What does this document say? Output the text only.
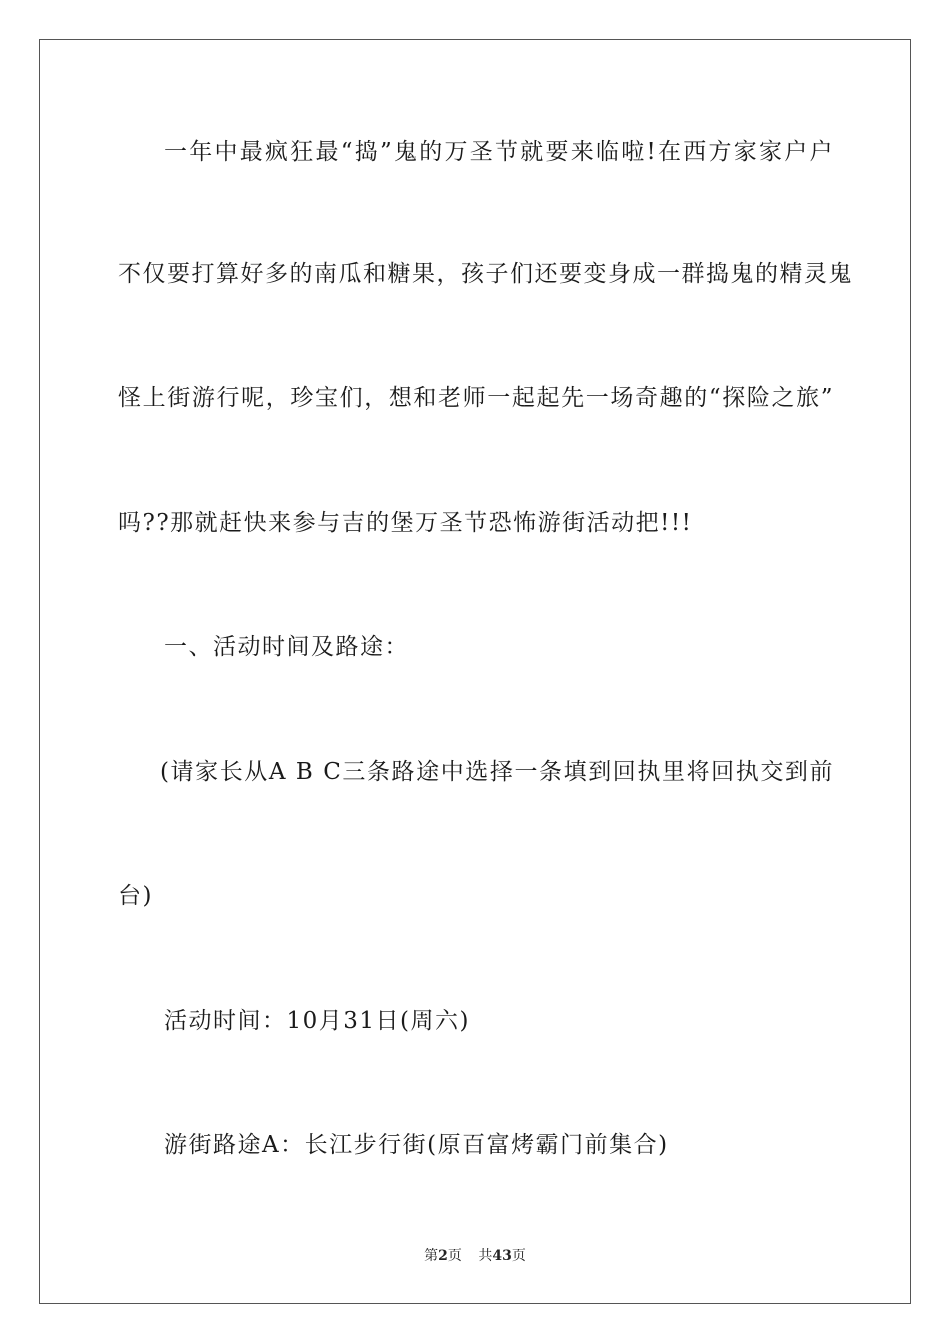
一年中最疯狂最“捣”鬼的万圣节就要来临啦!在西方家家户户
不仅要打算好多的南瓜和糖果，孩子们还要变身成一群捣鬼的精灵鬼
怪上街游行呢，珍宝们，想和老师一起起先一场奇趣的“探险之旅”
吗??那就赶快来参与吉的堡万圣节恐怖游街活动把!!!
一、活动时间及路途：
(请家长从A B C三条路途中选择一条填到回执里将回执交到前
台)
活动时间：10月31日(周六)
游街路途A：长江步行街(原百富烤霸门前集合)
第2页 共43页
